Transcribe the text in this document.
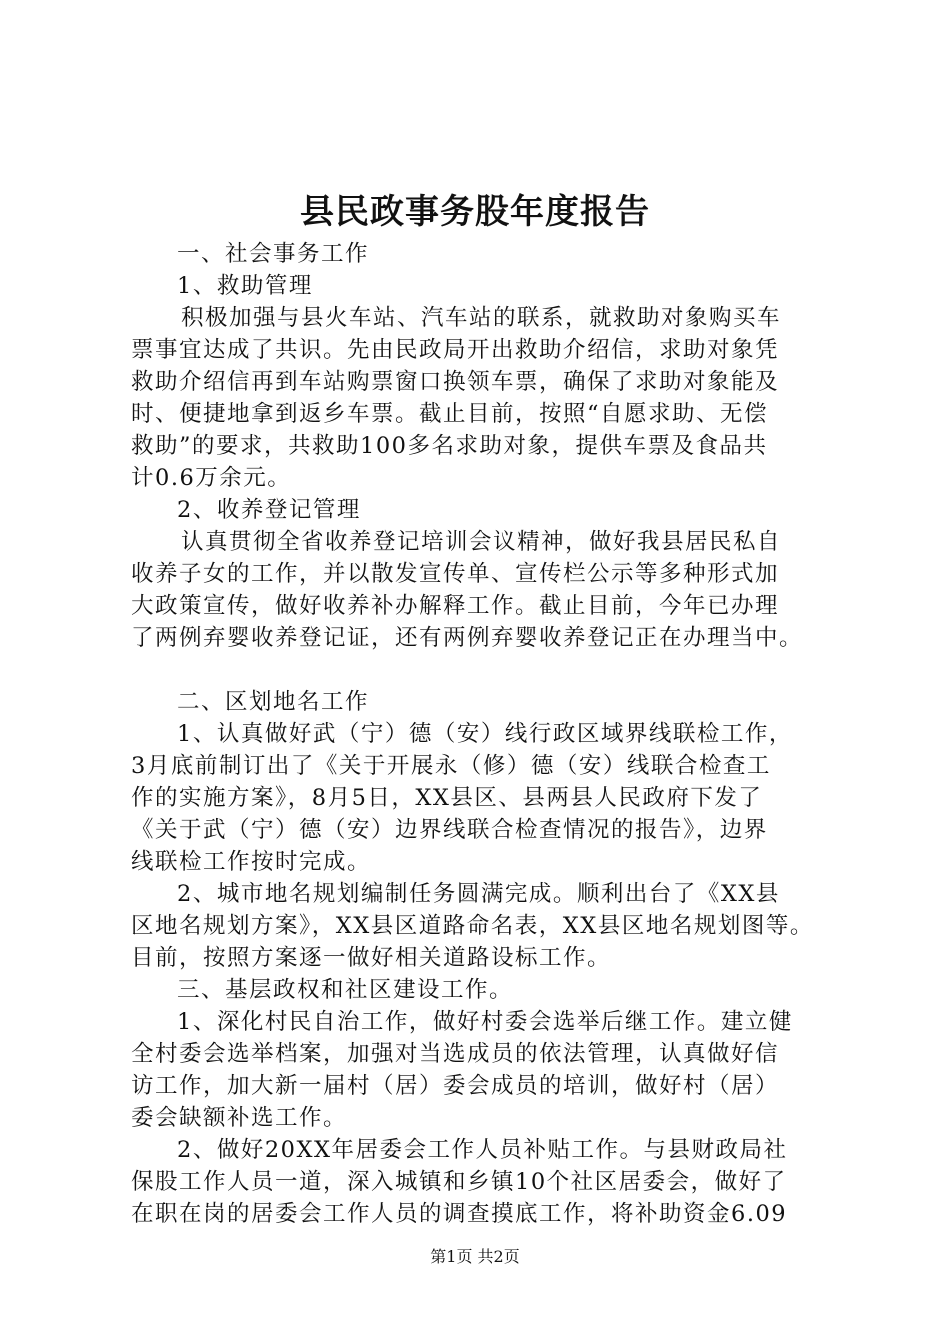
县民政事务股年度报告
一、社会事务工作
1、救助管理
积极加强与县火车站、汽车站的联系，就救助对象购买车
票事宜达成了共识。先由民政局开出救助介绍信，求助对象凭
救助介绍信再到车站购票窗口换领车票，确保了求助对象能及
时、便捷地拿到返乡车票。截止目前，按照“自愿求助、无偿
救助”的要求，共救助100多名求助对象，提供车票及食品共
计0.6万余元。
2、收养登记管理
认真贯彻全省收养登记培训会议精神，做好我县居民私自
收养子女的工作，并以散发宣传单、宣传栏公示等多种形式加
大政策宣传，做好收养补办解释工作。截止目前，今年已办理
了两例弃婴收养登记证，还有两例弃婴收养登记正在办理当中。
二、区划地名工作
1、认真做好武（宁）德（安）线行政区域界线联检工作，
3月底前制订出了《关于开展永（修）德（安）线联合检查工
作的实施方案》，8月5日，XX县区、县两县人民政府下发了
《关于武（宁）德（安）边界线联合检查情况的报告》，边界
线联检工作按时完成。
2、城市地名规划编制任务圆满完成。顺利出台了《XX县
区地名规划方案》，XX县区道路命名表，XX县区地名规划图等。
目前，按照方案逐一做好相关道路设标工作。
三、基层政权和社区建设工作。
1、深化村民自治工作，做好村委会选举后继工作。建立健
全村委会选举档案，加强对当选成员的依法管理，认真做好信
访工作，加大新一届村（居）委会成员的培训，做好村（居）
委会缺额补选工作。
2、做好20XX年居委会工作人员补贴工作。与县财政局社
保股工作人员一道，深入城镇和乡镇10个社区居委会，做好了
在职在岗的居委会工作人员的调查摸底工作，将补助资金6.09
第1页 共2页
